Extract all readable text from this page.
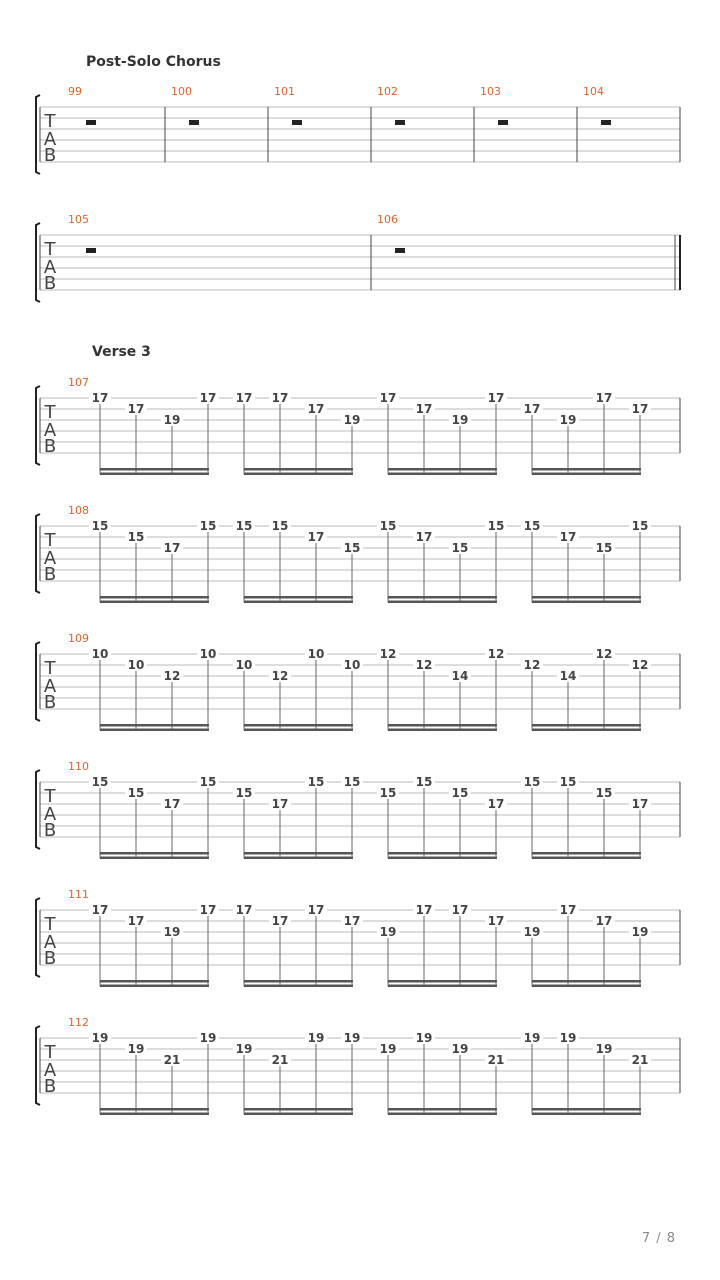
Post-Solo Chorus
Verse 3
T
A
B
99	100	101	102	103	104
T
A
B
105	106
T
A
B
107
17
17
19
17 17 17
17
19
17
17
19
17
17
19
17
17
T
A
B
108
15
15
17
15 15 15
17
15
15
17
15
15 15
17
15
15
T
A
B
109
10
10
12
10
10
12
10
10
12
12
14
12
12
14
12
12
T
A
B
110
15
15
17
15
15
17
15 15
15
15
15
17
15 15
15
17
T
A
B
111
17
17
19
17 17
17
17
17
19
17 17
17
19
17
17
19
T
A
B
112
19
19
21
19
19
21
19 19
19
19
19
21
19 19
19
21
7 / 8
